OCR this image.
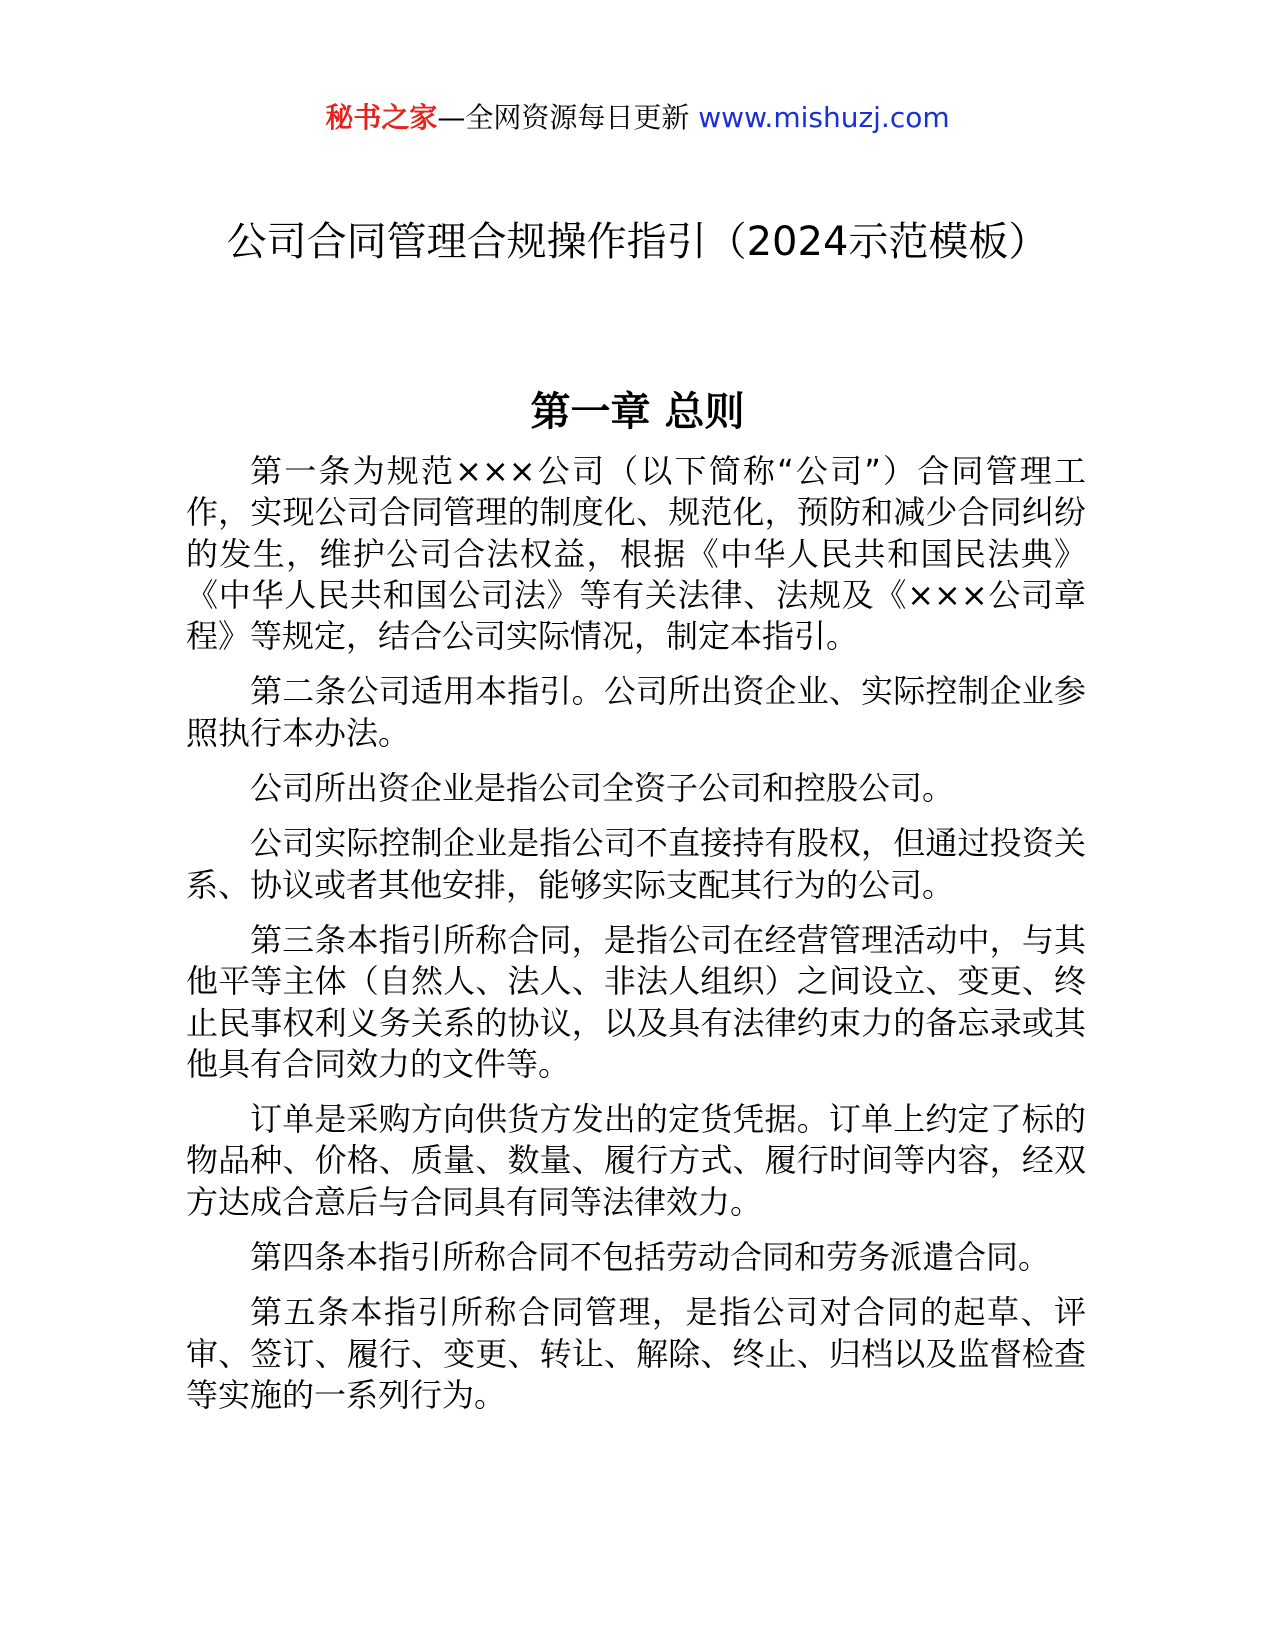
秘书之家—全网资源每日更新 www.mishuzj.com
公司合同管理合规操作指引（2024示范模板）
第一章 总则

第一条为规范×××公司（以下简称“公司”）合同管理工作，实现公司合同管理的制度化、规范化，预防和减少合同纠纷的发生，维护公司合法权益，根据《中华人民共和国民法典》《中华人民共和国公司法》等有关法律、法规及《×××公司章程》等规定，结合公司实际情况，制定本指引。

第二条公司适用本指引。公司所出资企业、实际控制企业参照执行本办法。

公司所出资企业是指公司全资子公司和控股公司。

公司实际控制企业是指公司不直接持有股权，但通过投资关系、协议或者其他安排，能够实际支配其行为的公司。

第三条本指引所称合同，是指公司在经营管理活动中，与其他平等主体（自然人、法人、非法人组织）之间设立、变更、终止民事权利义务关系的协议，以及具有法律约束力的备忘录或其他具有合同效力的文件等。

订单是采购方向供货方发出的定货凭据。订单上约定了标的物品种、价格、质量、数量、履行方式、履行时间等内容，经双方达成合意后与合同具有同等法律效力。

第四条本指引所称合同不包括劳动合同和劳务派遣合同。

第五条本指引所称合同管理，是指公司对合同的起草、评审、签订、履行、变更、转让、解除、终止、归档以及监督检查等实施的一系列行为。
